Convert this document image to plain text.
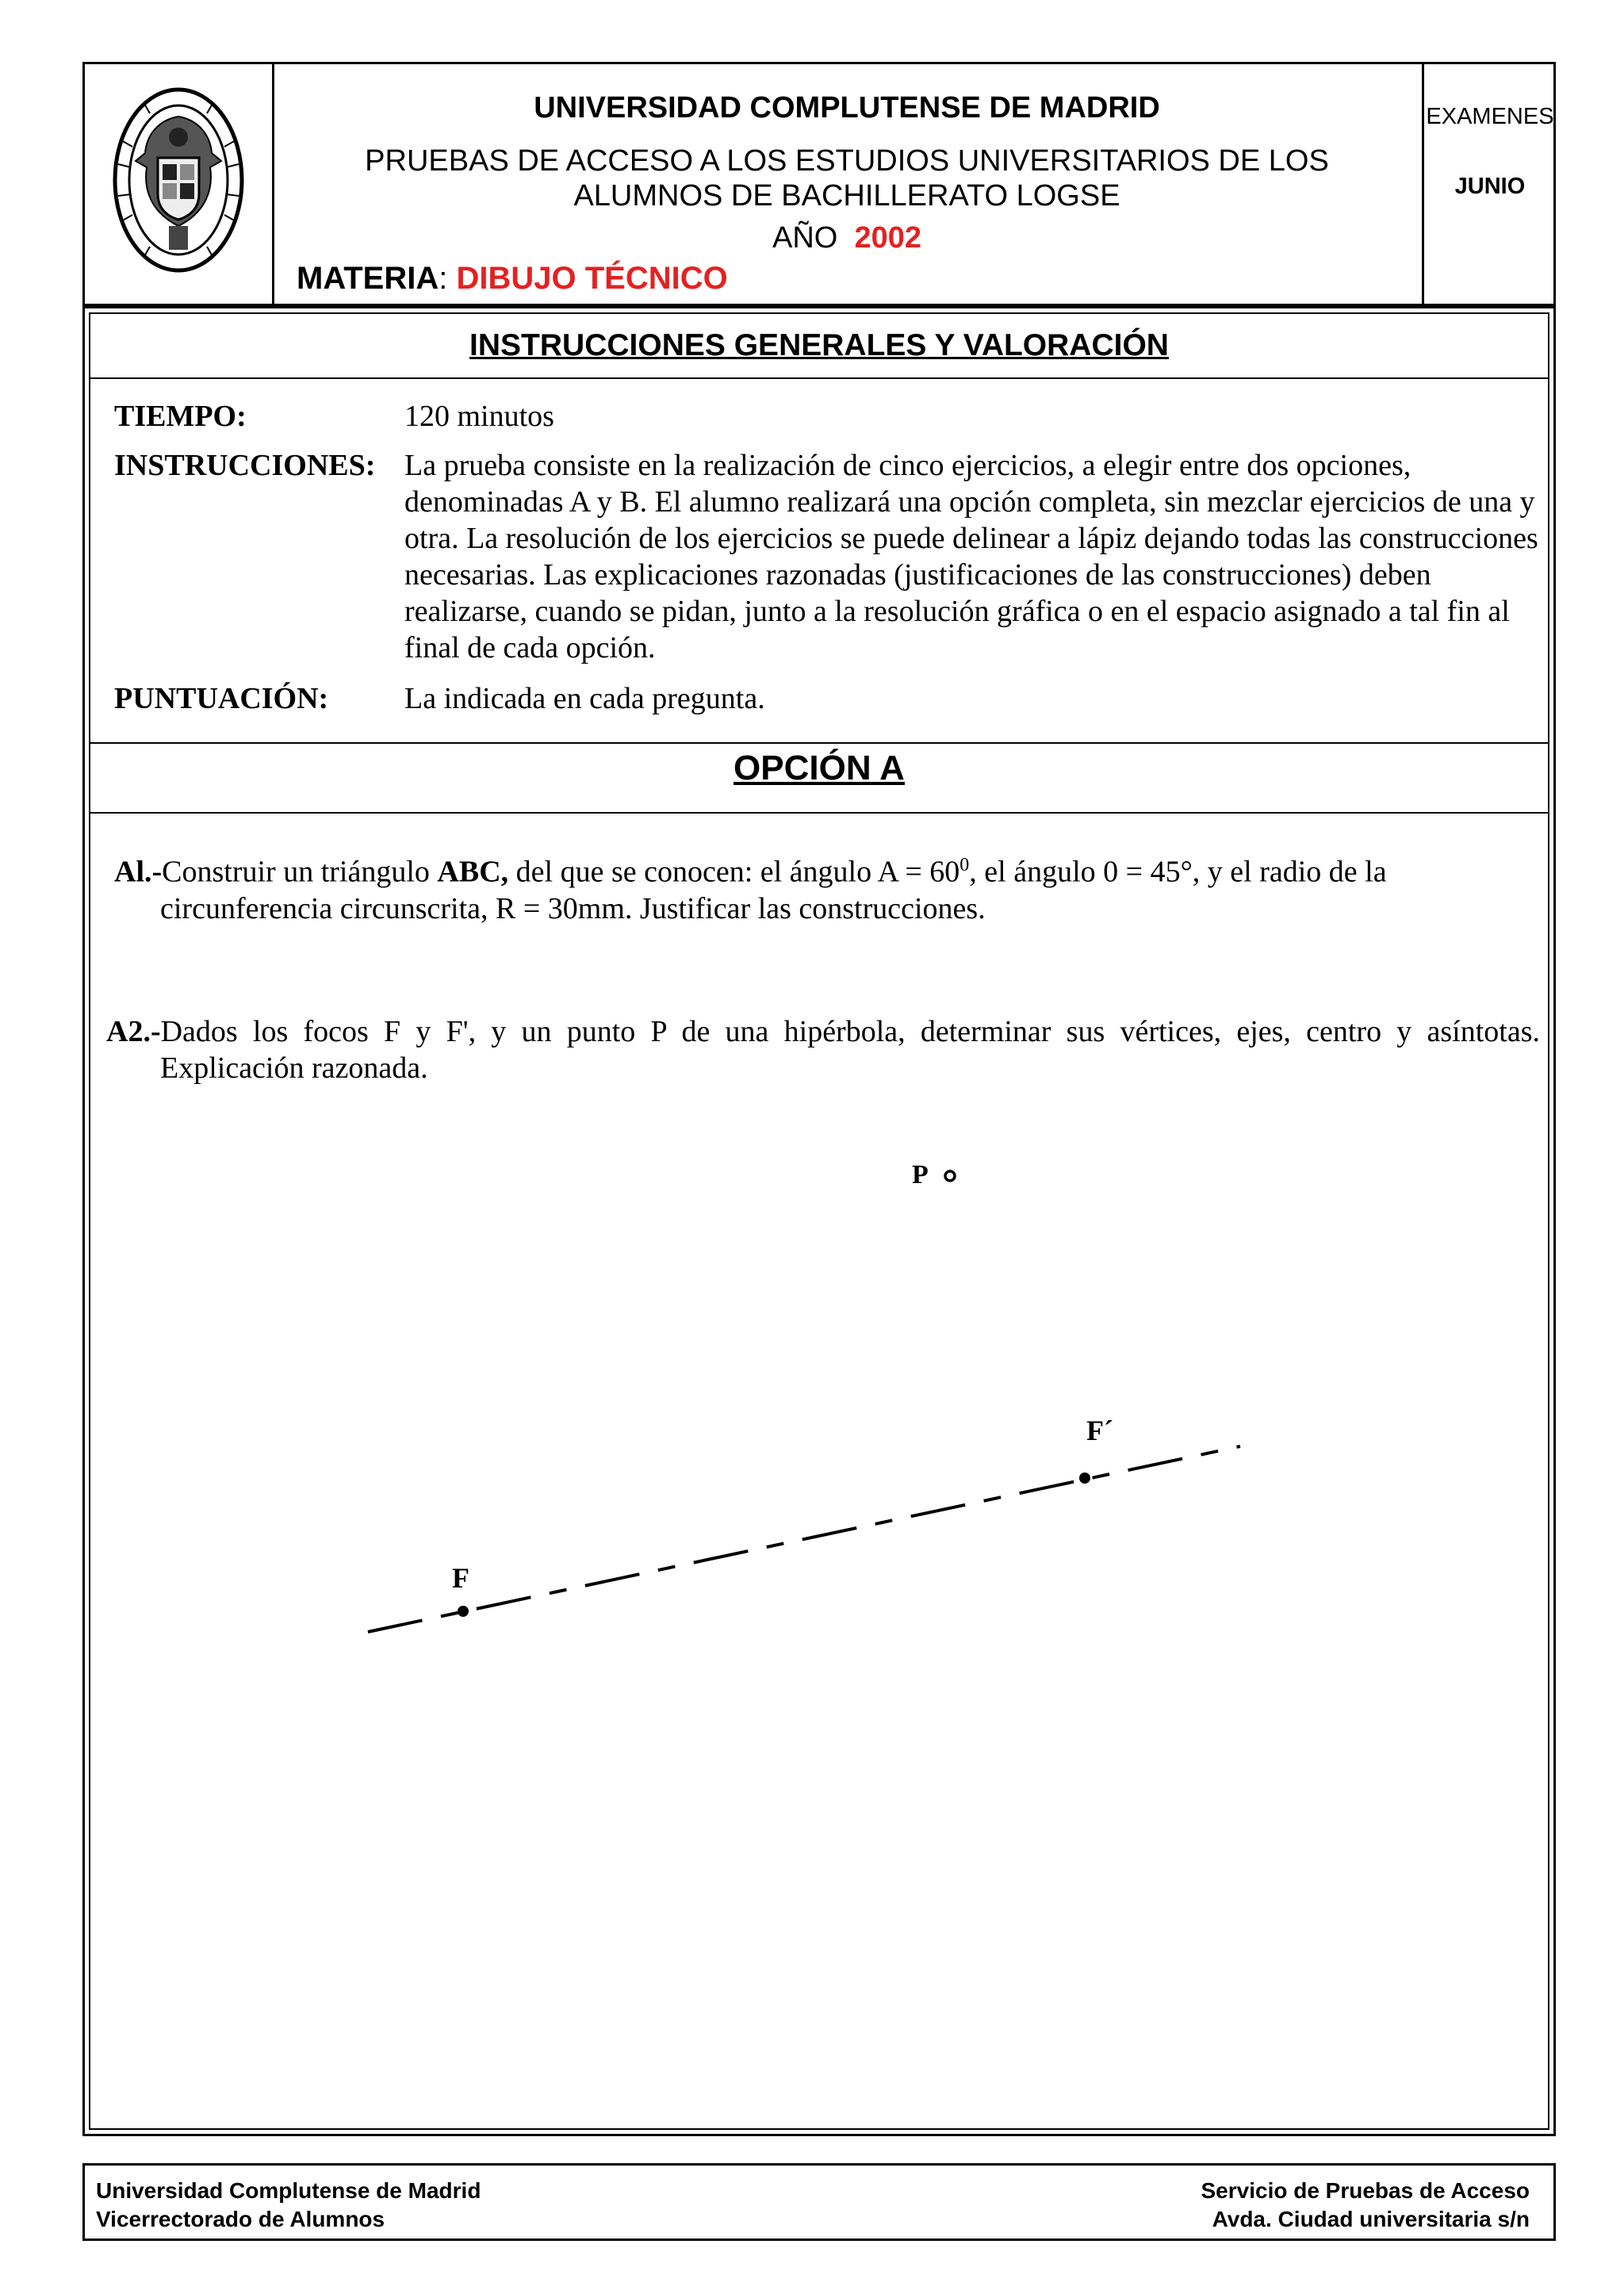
UNIVERSIDAD COMPLUTENSE DE MADRID
PRUEBAS DE ACCESO A LOS ESTUDIOS UNIVERSITARIOS DE LOS
ALUMNOS DE BACHILLERATO LOGSE
AÑO 2002
MATERIA: DIBUJO TÉCNICO
EXAMENES
JUNIO
INSTRUCCIONES GENERALES Y VALORACIÓN
TIEMPO:	120 minutos
INSTRUCCIONES: La prueba consiste en la realización de cinco ejercicios, a elegir entre dos opciones, denominadas A y B. El alumno realizará una opción completa, sin mezclar ejercicios de una y otra. La resolución de los ejercicios se puede delinear a lápiz dejando todas las construcciones necesarias. Las explicaciones razonadas (justificaciones de las construcciones) deben realizarse, cuando se pidan, junto a la resolución gráfica o en el espacio asignado a tal fin al final de cada opción.
PUNTUACIÓN:	La indicada en cada pregunta.
OPCIÓN A
Al.-Construir un triángulo ABC, del que se conocen: el ángulo $A = 60^0$, el ángulo 0 = 45°, y el radio de la
circunferencia circunscrita, R = 30mm. Justificar las construcciones.
A2.-Dados los focos F y F', y un punto P de una hipérbola, determinar sus vértices, ejes, centro y asíntotas.
Explicación razonada.
P
F
F´
Universidad Complutense de Madrid
Vicerrectorado de Alumnos
Servicio de Pruebas de Acceso
Avda. Ciudad universitaria s/n
